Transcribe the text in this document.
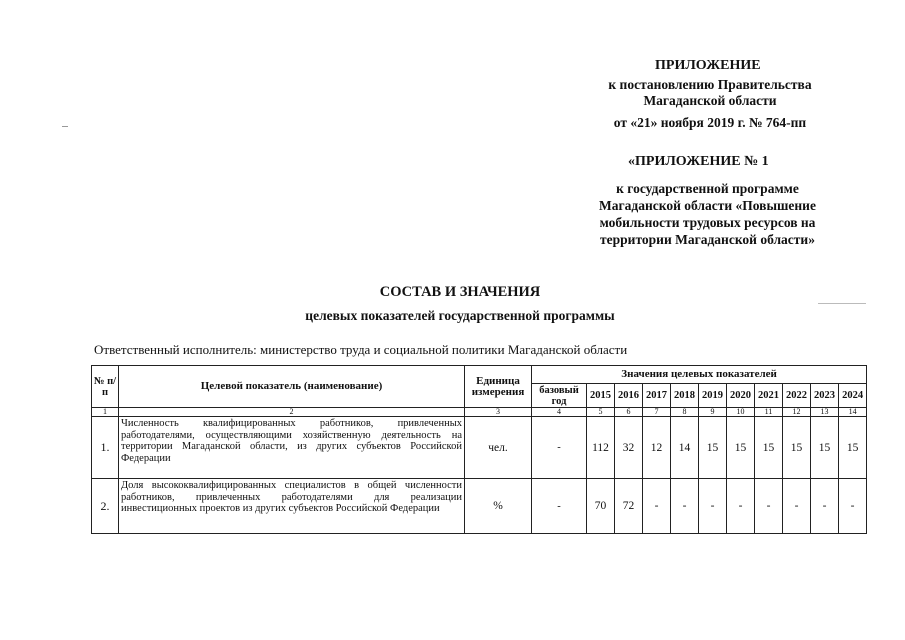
ПРИЛОЖЕНИЕ
к постановлению Правительства
Магаданской области
от «21» ноября 2019 г. № 764-пп
«ПРИЛОЖЕНИЕ № 1
к государственной программе
Магаданской области «Повышение
мобильности трудовых ресурсов на
территории Магаданской области»
СОСТАВ И ЗНАЧЕНИЯ
целевых показателей государственной программы
Ответственный исполнитель: министерство труда и социальной политики Магаданской области
№ п/п	Целевой показатель (наименование)	Единица измерения	Значения целевых показателей										
			базовый год	2015	2016	2017	2018	2019	2020	2021	2022	2023	2024
1	2	3	4	5	6	7	8	9	10	11	12	13	14
1.	Численность квалифицированных работников, привлеченных работодателями, осуществляющими хозяйственную деятельность на территории Магаданской области, из других субъектов Российской Федерации	чел.	-	112	32	12	14	15	15	15	15	15	15
2.	Доля высококвалифицированных специалистов в общей численности работников, привлеченных работодателями для реализации инвестиционных проектов из других субъектов Российской Федерации	%	-	70	72	-	-	-	-	-	-	-	-
